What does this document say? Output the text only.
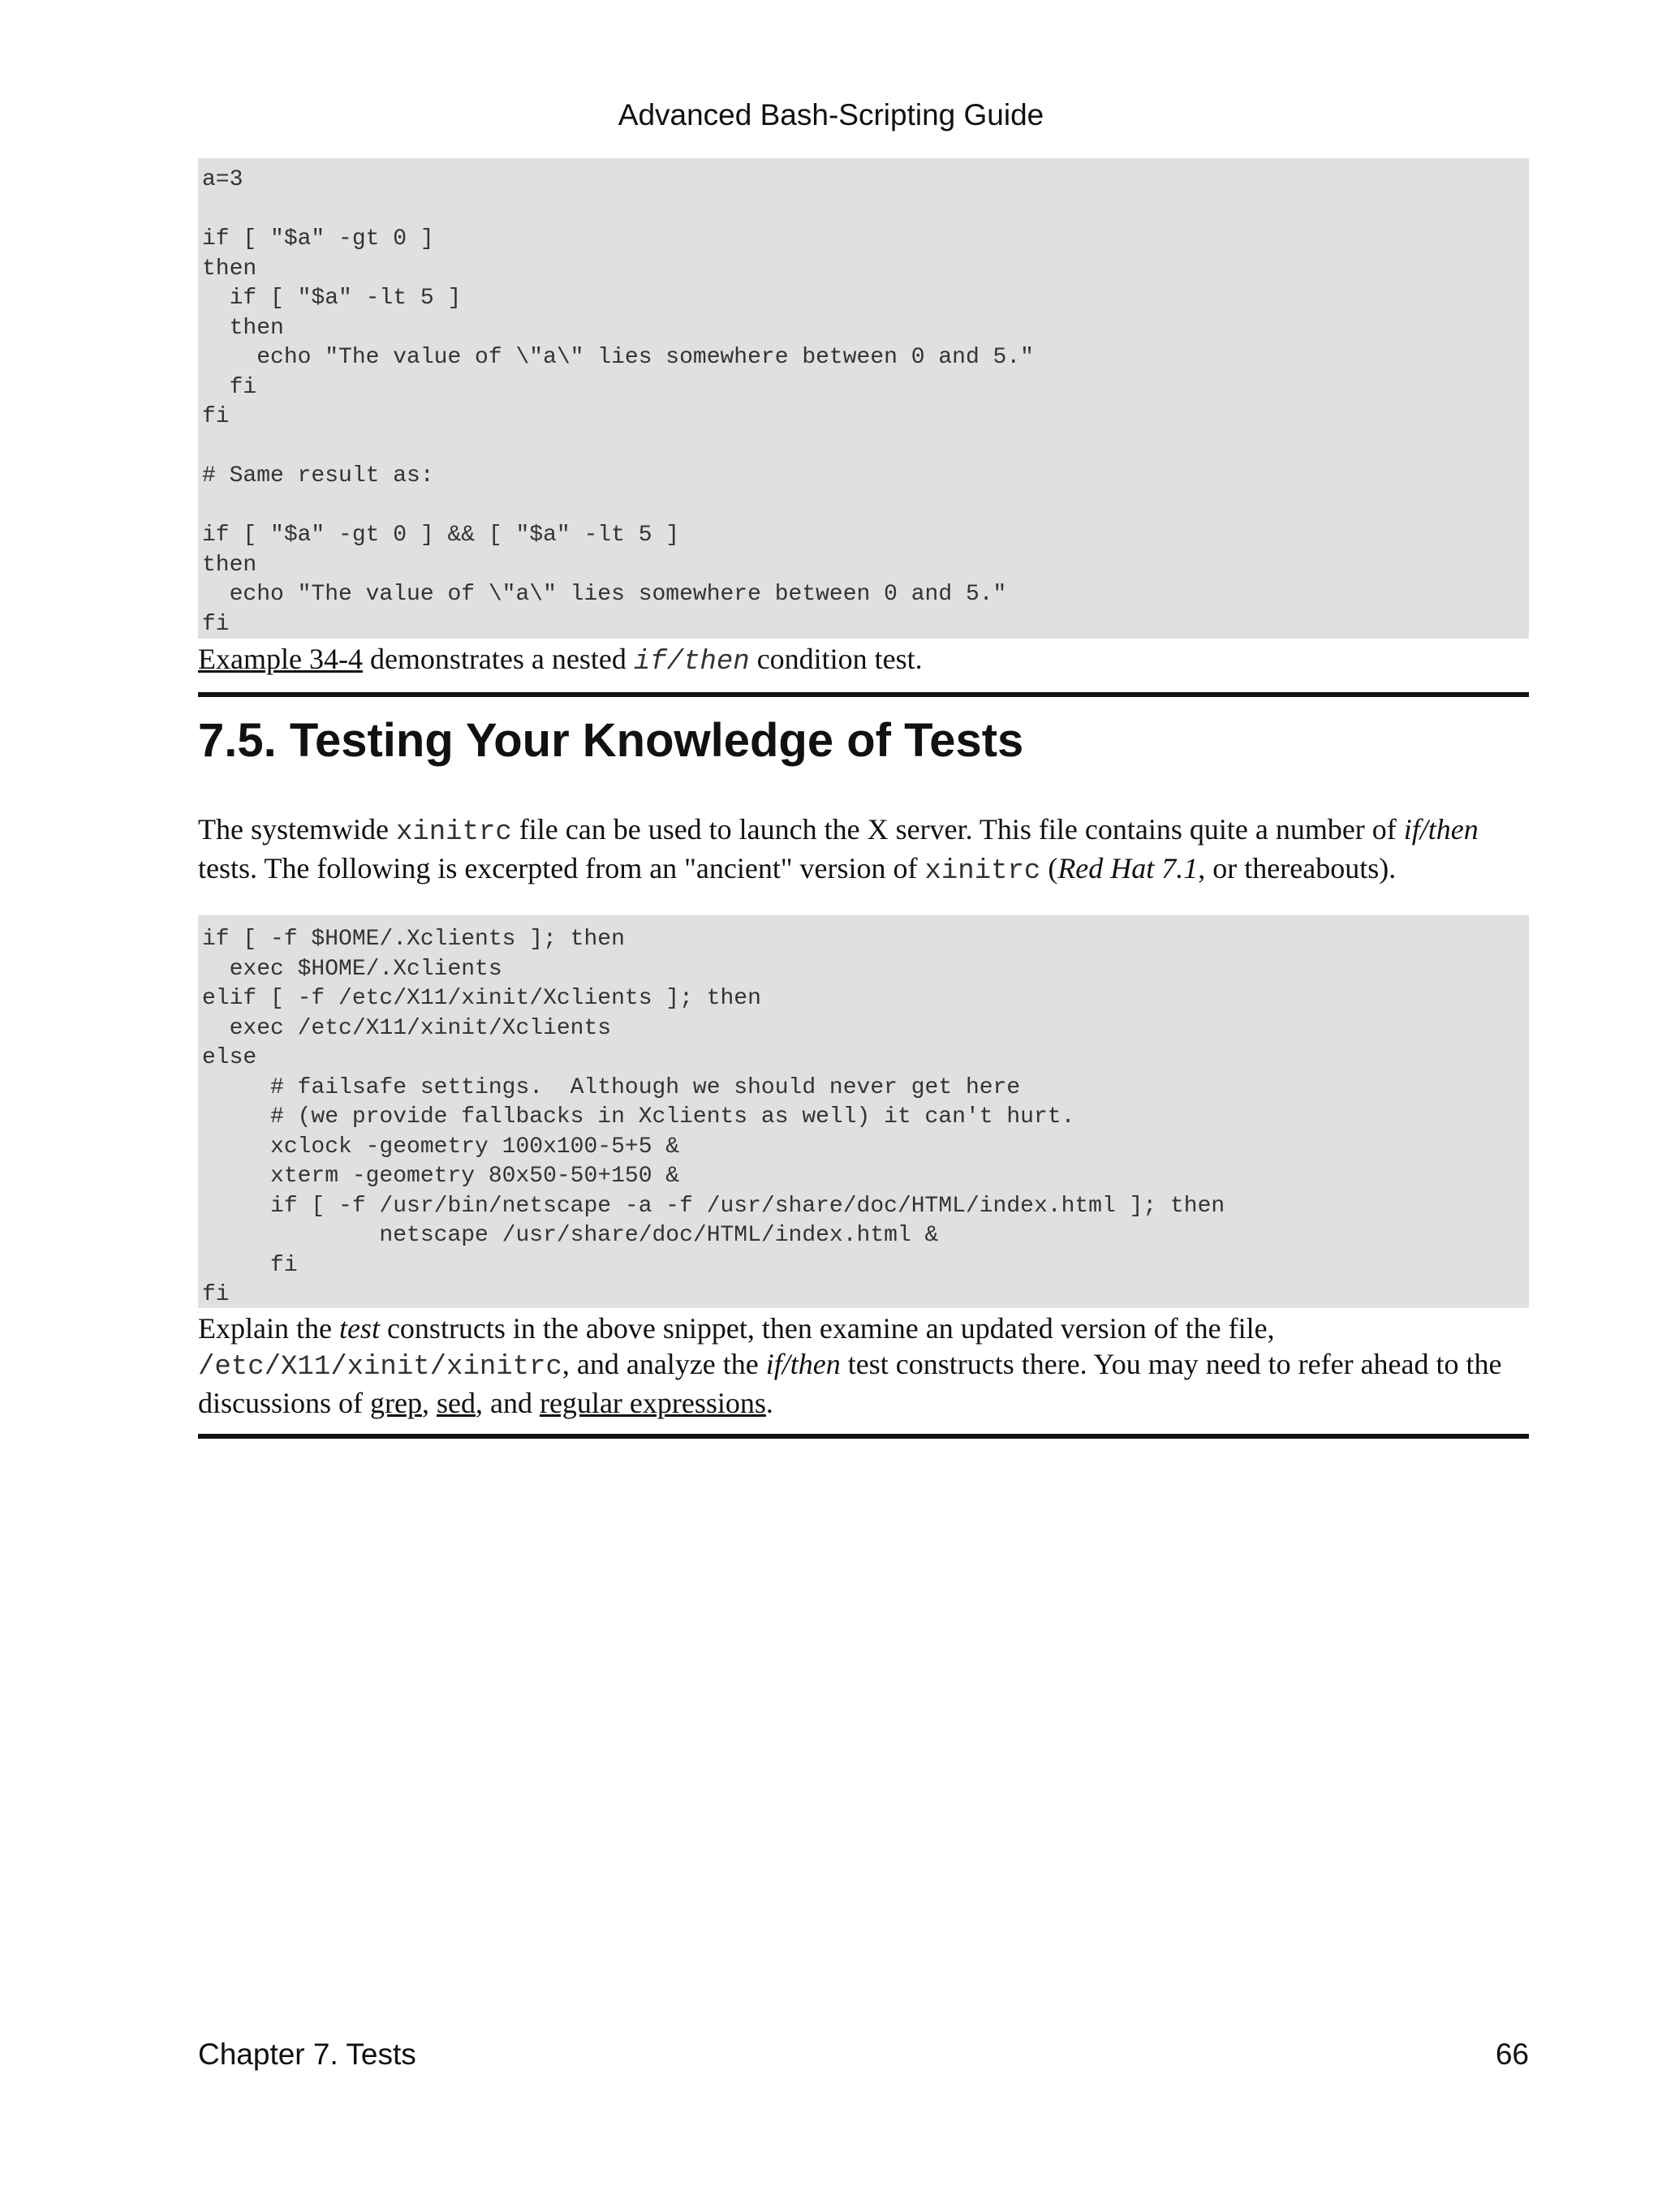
Advanced Bash-Scripting Guide
a=3

if [ "$a" -gt 0 ]
then
if [ "$a" -lt 5 ]
then
echo "The value of \"a\" lies somewhere between 0 and 5."
fi
fi

# Same result as:

if [ "$a" -gt 0 ] && [ "$a" -lt 5 ]
then
echo "The value of \"a\" lies somewhere between 0 and 5."
fi
Example 34-4 demonstrates a nested if/then condition test.
7.5. Testing Your Knowledge of Tests
The systemwide xinitrc file can be used to launch the X server. This file contains quite a number of if/then tests. The following is excerpted from an "ancient" version of xinitrc (Red Hat 7.1, or thereabouts).
if [ -f $HOME/.Xclients ]; then
exec $HOME/.Xclients
elif [ -f /etc/X11/xinit/Xclients ]; then
exec /etc/X11/xinit/Xclients
else
# failsafe settings.  Although we should never get here
# (we provide fallbacks in Xclients as well) it can't hurt.
xclock -geometry 100x100-5+5 &
xterm -geometry 80x50-50+150 &
if [ -f /usr/bin/netscape -a -f /usr/share/doc/HTML/index.html ]; then
netscape /usr/share/doc/HTML/index.html &
fi
fi
Explain the test constructs in the above snippet, then examine an updated version of the file, /etc/X11/xinit/xinitrc, and analyze the if/then test constructs there. You may need to refer ahead to the discussions of grep, sed, and regular expressions.
Chapter 7. Tests	66
